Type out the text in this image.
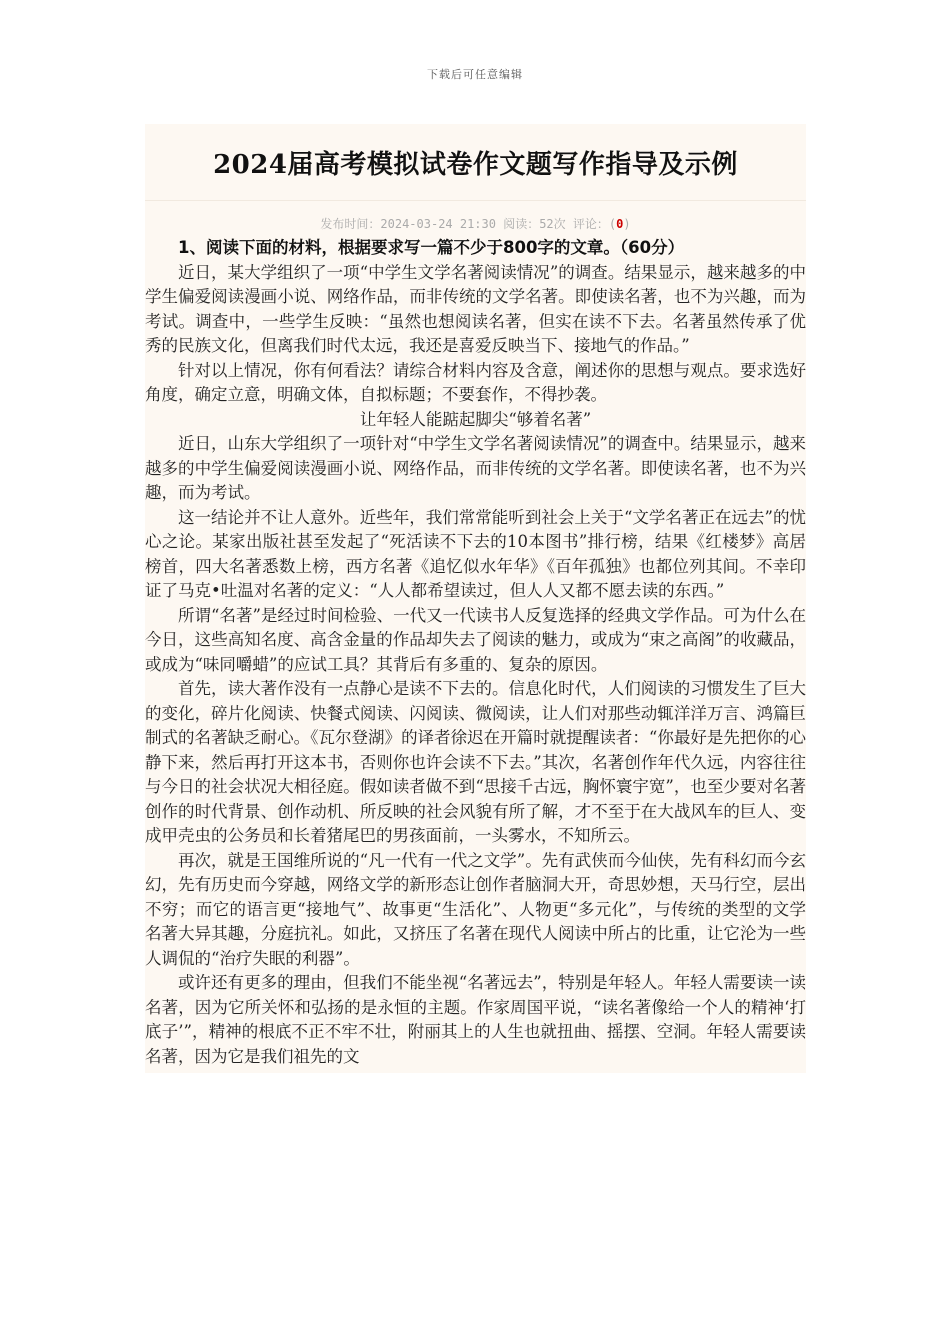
下载后可任意编辑
2024届高考模拟试卷作文题写作指导及示例
发布时间：2024-03-24 21:30 阅读：52次 评论：(0)

1、阅读下面的材料，根据要求写一篇不少于800字的文章。（60分）

近日，某大学组织了一项“中学生文学名著阅读情况”的调查。结果显示，越来越多的中学生偏爱阅读漫画小说、网络作品，而非传统的文学名著。即使读名著，也不为兴趣，而为考试。调查中，一些学生反映：“虽然也想阅读名著，但实在读不下去。名著虽然传承了优秀的民族文化，但离我们时代太远，我还是喜爱反映当下、接地气的作品。”

针对以上情况，你有何看法？请综合材料内容及含意，阐述你的思想与观点。要求选好角度，确定立意，明确文体，自拟标题；不要套作，不得抄袭。

让年轻人能踮起脚尖“够着名著”

近日，山东大学组织了一项针对“中学生文学名著阅读情况”的调查中。结果显示，越来越多的中学生偏爱阅读漫画小说、网络作品，而非传统的文学名著。即使读名著，也不为兴趣，而为考试。

这一结论并不让人意外。近些年，我们常常能听到社会上关于“文学名著正在远去”的忧心之论。某家出版社甚至发起了“死活读不下去的10本图书”排行榜，结果《红楼梦》高居榜首，四大名著悉数上榜，西方名著《追忆似水年华》《百年孤独》也都位列其间。不幸印证了马克•吐温对名著的定义：“人人都希望读过，但人人又都不愿去读的东西。”

所谓“名著”是经过时间检验、一代又一代读书人反复选择的经典文学作品。可为什么在今日，这些高知名度、高含金量的作品却失去了阅读的魅力，或成为“束之高阁”的收藏品，或成为“味同嚼蜡”的应试工具？其背后有多重的、复杂的原因。

首先，读大著作没有一点静心是读不下去的。信息化时代，人们阅读的习惯发生了巨大的变化，碎片化阅读、快餐式阅读、闪阅读、微阅读，让人们对那些动辄洋洋万言、鸿篇巨制式的名著缺乏耐心。《瓦尔登湖》的译者徐迟在开篇时就提醒读者：“你最好是先把你的心静下来，然后再打开这本书，否则你也许会读不下去。”其次，名著创作年代久远，内容往往与今日的社会状况大相径庭。假如读者做不到“思接千古远，胸怀寰宇宽”，也至少要对名著创作的时代背景、创作动机、所反映的社会风貌有所了解，才不至于在大战风车的巨人、变成甲壳虫的公务员和长着猪尾巴的男孩面前，一头雾水，不知所云。

再次，就是王国维所说的“凡一代有一代之文学”。先有武侠而今仙侠，先有科幻而今玄幻，先有历史而今穿越，网络文学的新形态让创作者脑洞大开，奇思妙想，天马行空，层出不穷；而它的语言更“接地气”、故事更“生活化”、人物更“多元化”，与传统的类型的文学名著大异其趣，分庭抗礼。如此，又挤压了名著在现代人阅读中所占的比重，让它沦为一些人调侃的“治疗失眠的利器”。

或许还有更多的理由，但我们不能坐视“名著远去”，特别是年轻人。年轻人需要读一读名著，因为它所关怀和弘扬的是永恒的主题。作家周国平说，“读名著像给一个人的精神‘打底子’”，精神的根底不正不牢不壮，附丽其上的人生也就扭曲、摇摆、空洞。年轻人需要读名著，因为它是我们祖先的文
